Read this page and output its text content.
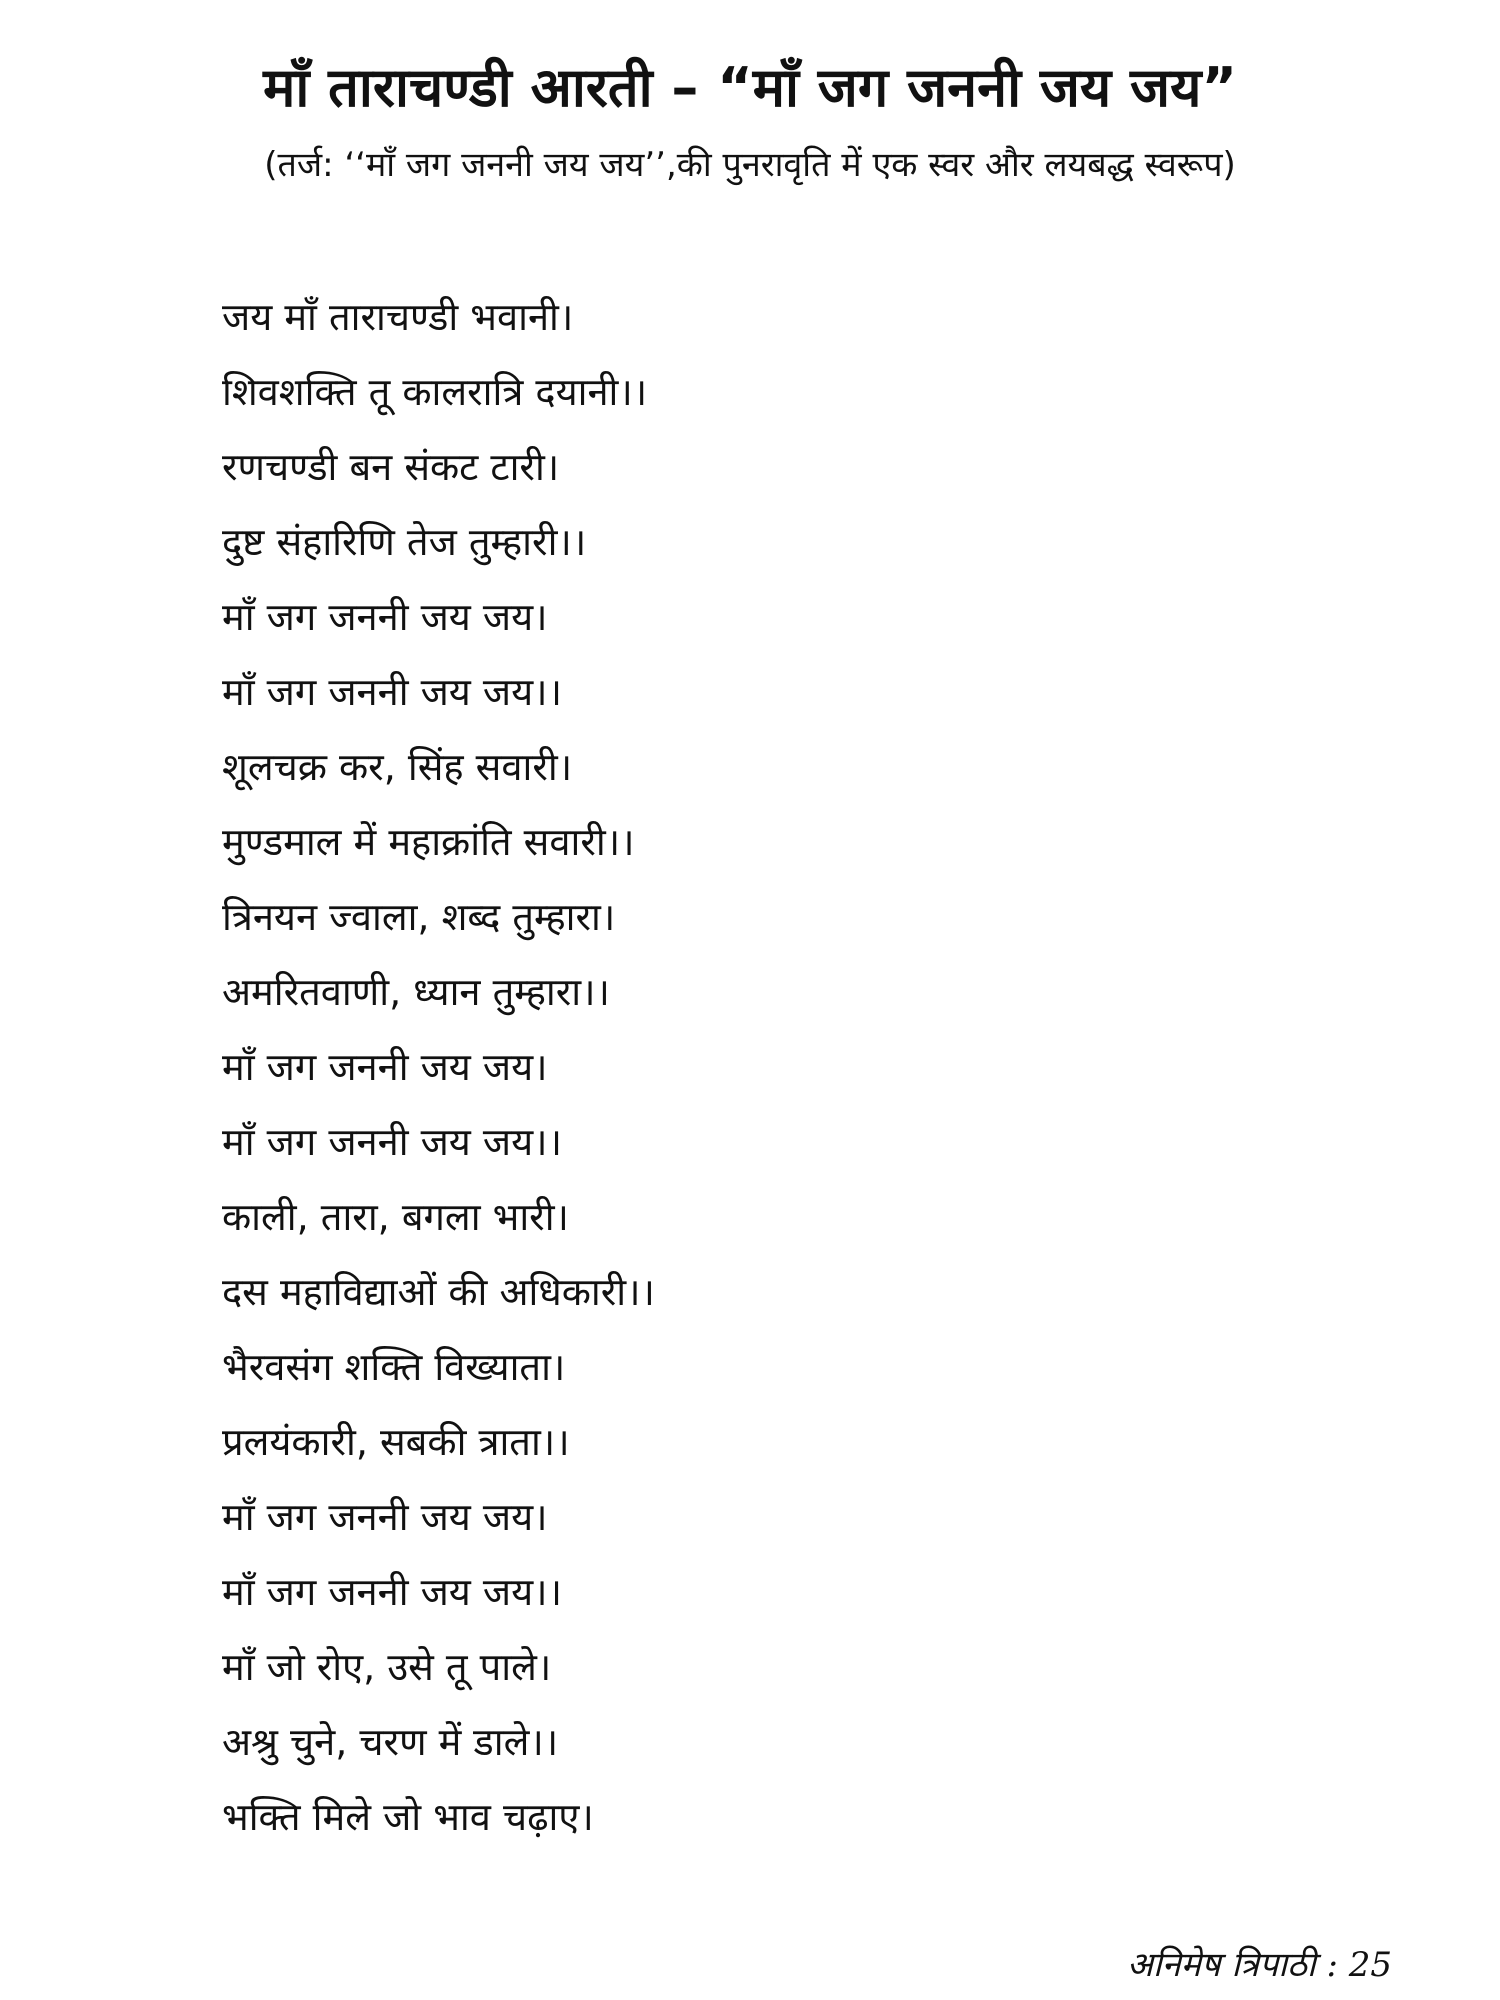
माँ ताराचण्डी आरती – “माँ जग जननी जय जय”
(तर्ज: ‘‘माँ जग जननी जय जय’’,की पुनरावृति में एक स्वर और लयबद्ध स्वरूप)
जय माँ ताराचण्डी भवानी।
शिवशक्ति तू कालरात्रि दयानी।।
रणचण्डी बन संकट टारी।
दुष्ट संहारिणि तेज तुम्हारी।।
माँ जग जननी जय जय।
माँ जग जननी जय जय।।
शूलचक्र कर, सिंह सवारी।
मुण्डमाल में महाक्रांति सवारी।।
त्रिनयन ज्वाला, शब्द तुम्हारा।
अमरितवाणी, ध्यान तुम्हारा।।
माँ जग जननी जय जय।
माँ जग जननी जय जय।।
काली, तारा, बगला भारी।
दस महाविद्याओं की अधिकारी।।
भैरवसंग शक्ति विख्याता।
प्रलयंकारी, सबकी त्राता।।
माँ जग जननी जय जय।
माँ जग जननी जय जय।।
माँ जो रोए, उसे तू पाले।
अश्रु चुने, चरण में डाले।।
भक्ति मिले जो भाव चढ़ाए।
अनिमेष त्रिपाठी : 25
